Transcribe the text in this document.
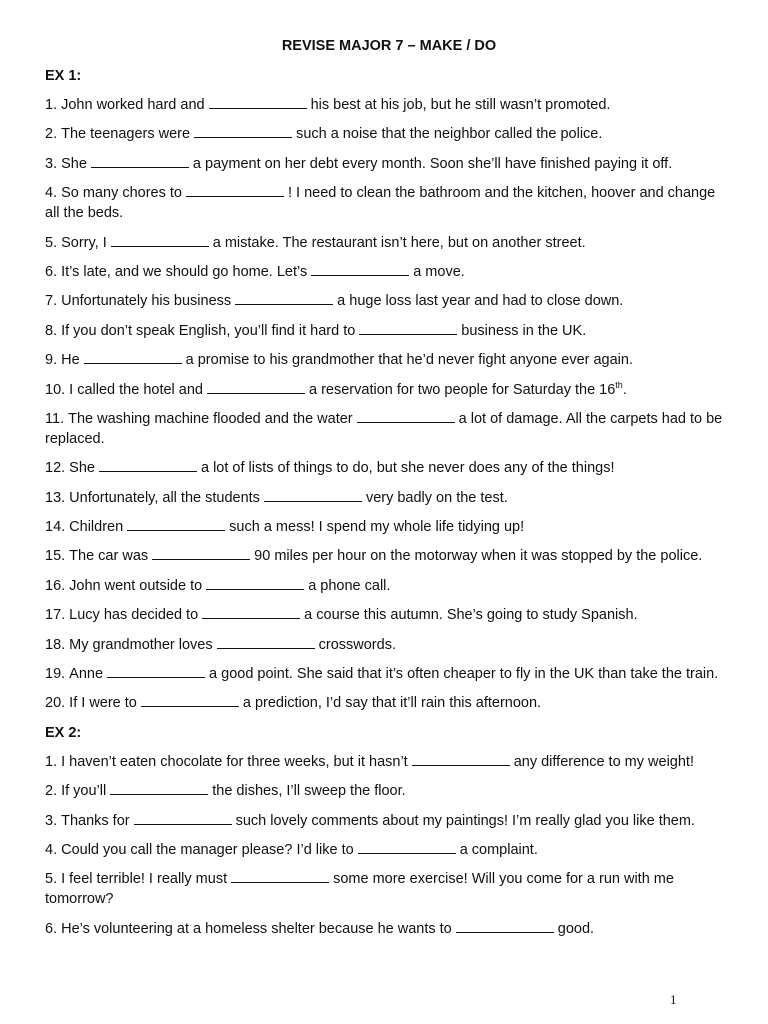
REVISE MAJOR 7 – MAKE / DO
EX 1:
1. John worked hard and	his best at his job, but he still wasn’t promoted.
2. The teenagers were	such a noise that the neighbor called the police.
3. She	a payment on her debt every month. Soon she’ll have finished paying it off.
4. So many chores to	! I need to clean the bathroom and the kitchen, hoover and change all the beds.
5. Sorry, I	a mistake. The restaurant isn’t here, but on another street.
6. It’s late, and we should go home. Let’s	a move.
7. Unfortunately his business	a huge loss last year and had to close down.
8. If you don’t speak English, you’ll find it hard to	business in the UK.
9. He	a promise to his grandmother that he’d never fight anyone ever again.
10. I called the hotel and	a reservation for two people for Saturday the 16th.
11. The washing machine flooded and the water	a lot of damage. All the carpets had to be replaced.
12. She	a lot of lists of things to do, but she never does any of the things!
13. Unfortunately, all the students	very badly on the test.
14. Children	such a mess! I spend my whole life tidying up!
15. The car was	90 miles per hour on the motorway when it was stopped by the police.
16. John went outside to	a phone call.
17. Lucy has decided to	a course this autumn. She’s going to study Spanish.
18. My grandmother loves	crosswords.
19. Anne	a good point. She said that it’s often cheaper to fly in the UK than take the train.
20. If I were to	a prediction, I’d say that it’ll rain this afternoon.
EX 2:
1. I haven’t eaten chocolate for three weeks, but it hasn’t	any difference to my weight!
2. If you’ll	the dishes, I’ll sweep the floor.
3. Thanks for	such lovely comments about my paintings! I’m really glad you like them.
4. Could you call the manager please? I’d like to	a complaint.
5. I feel terrible! I really must	some more exercise! Will you come for a run with me tomorrow?
6. He’s volunteering at a homeless shelter because he wants to	good.
1
